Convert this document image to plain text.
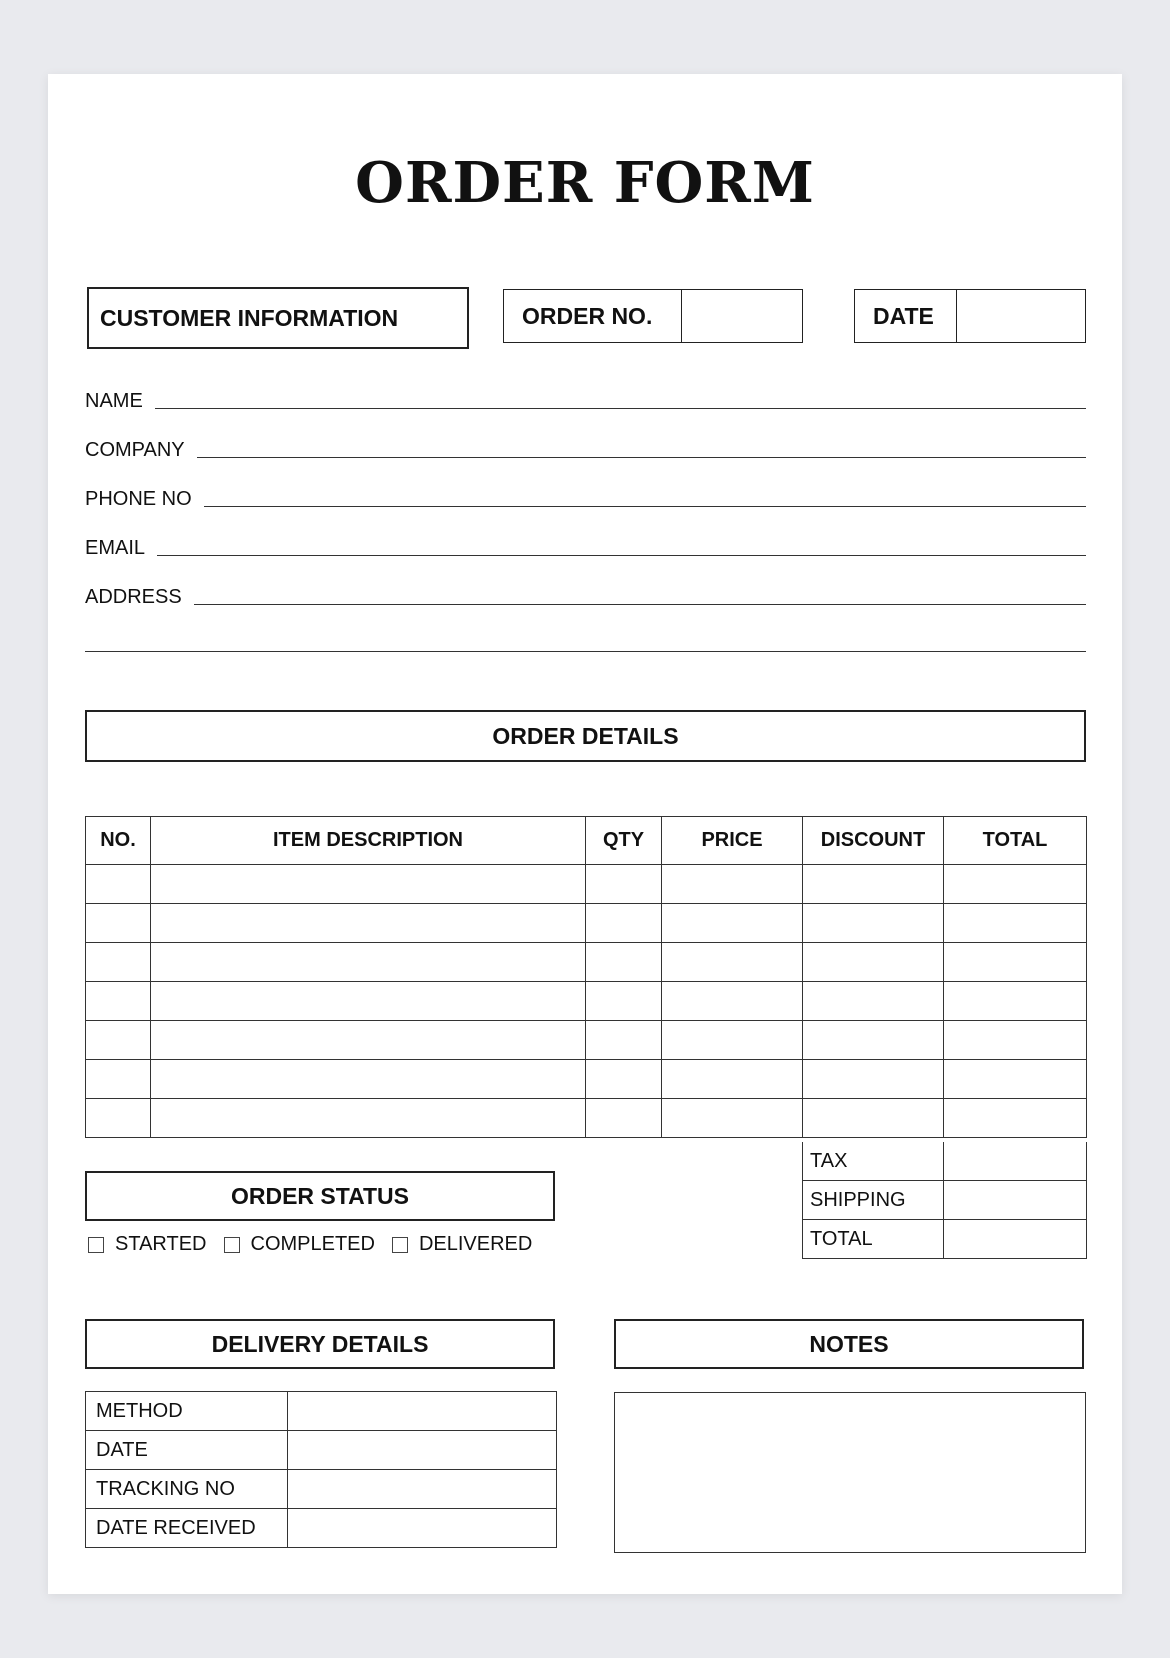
ORDER FORM
CUSTOMER INFORMATION	ORDER NO.	DATE
NAME
COMPANY
PHONE NO
EMAIL
ADDRESS
ORDER DETAILS
NO.	ITEM DESCRIPTION	QTY	PRICE	DISCOUNT	TOTAL

TAX	
SHIPPING	
TOTAL	
ORDER STATUS
STARTED COMPLETED DELIVERED
DELIVERY DETAILS	NOTES
METHOD	
DATE	
TRACKING NO	
DATE RECEIVED	
